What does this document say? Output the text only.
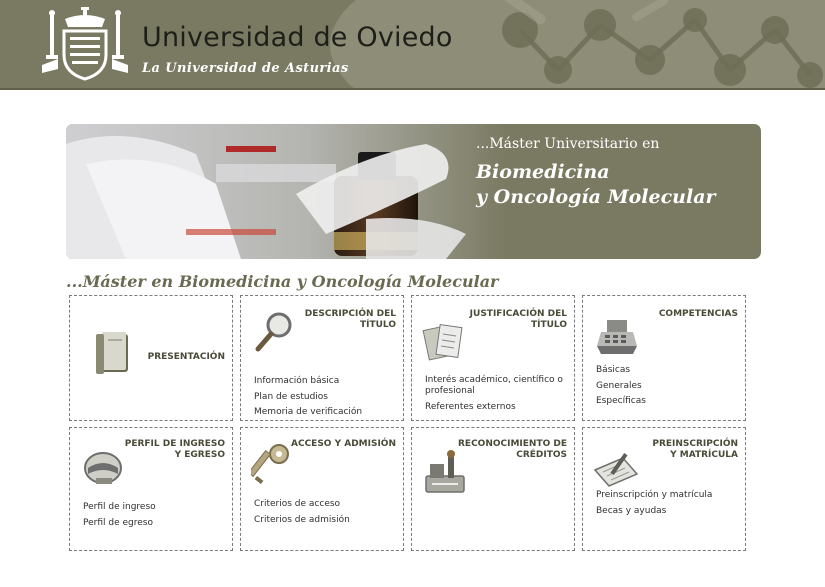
Universidad de Oviedo
La Universidad de Asturias
...Máster Universitario en
Biomedicina
y Oncología Molecular
...Máster en Biomedicina y Oncología Molecular
PRESENTACIÓN
DESCRIPCIÓN DEL
TÍTULO
Información básica
Plan de estudios
Memoria de verificación
JUSTIFICACIÓN DEL
TÍTULO
Interés académico, científico o profesional
Referentes externos
COMPETENCIAS
Básicas
Generales
Específicas
PERFIL DE INGRESO
Y EGRESO
Perfil de ingreso
Perfil de egreso
ACCESO Y ADMISIÓN
Criterios de acceso
Criterios de admisión
RECONOCIMIENTO DE
CRÉDITOS
PREINSCRIPCIÓN
Y MATRÍCULA
Preinscripción y matrícula
Becas y ayudas
